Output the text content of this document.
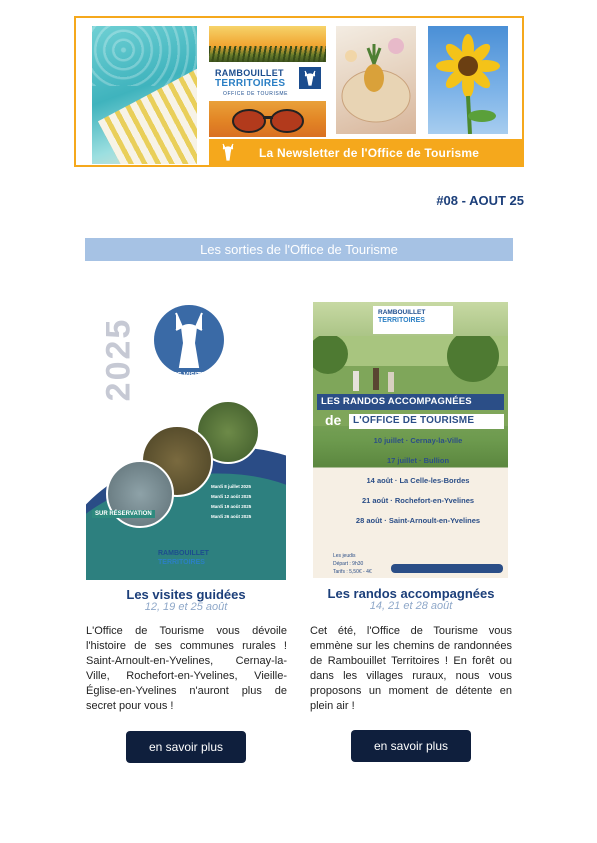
RAMBOUILLET
TERRITOIRES
OFFICE DE TOURISME
La Newsletter de l'Office de Tourisme
#08 - AOUT 25
Les sorties de l'Office de Tourisme
2025	LES VISITES
Mardi 8 juillet 2025
Mardi 12 août 2025
Mardi 19 août 2025
Mardi 26 août 2025
SUR RÉSERVATION
RAMBOUILLET
TERRITOIRES
RAMBOUILLET
TERRITOIRES
LES RANDOS ACCOMPAGNÉES
de L'OFFICE DE TOURISME
10 juillet · Cernay-la-Ville

17 juillet · Bullion

14 août · La Celle-les-Bordes

21 août · Rochefort-en-Yvelines

28 août · Saint-Arnoult-en-Yvelines
Les jeudis
Départ : 9h30
Tarifs : 5,50€ - 4€
Les visites guidées
12, 19 et 25 août

L'Office de Tourisme vous dévoile l'histoire de ses communes rurales ! Saint-Arnoult-en-Yvelines, Cernay-la-Ville, Rochefort-en-Yvelines, Vieille-Église-en-Yvelines n'auront plus de secret pour vous !

en savoir plus
Les randos accompagnées
14, 21 et 28 août

Cet été, l'Office de Tourisme vous emmène sur les chemins de randonnées de Rambouillet Territoires ! En forêt ou dans les villages ruraux, nous vous proposons un moment de détente en plein air !

en savoir plus
